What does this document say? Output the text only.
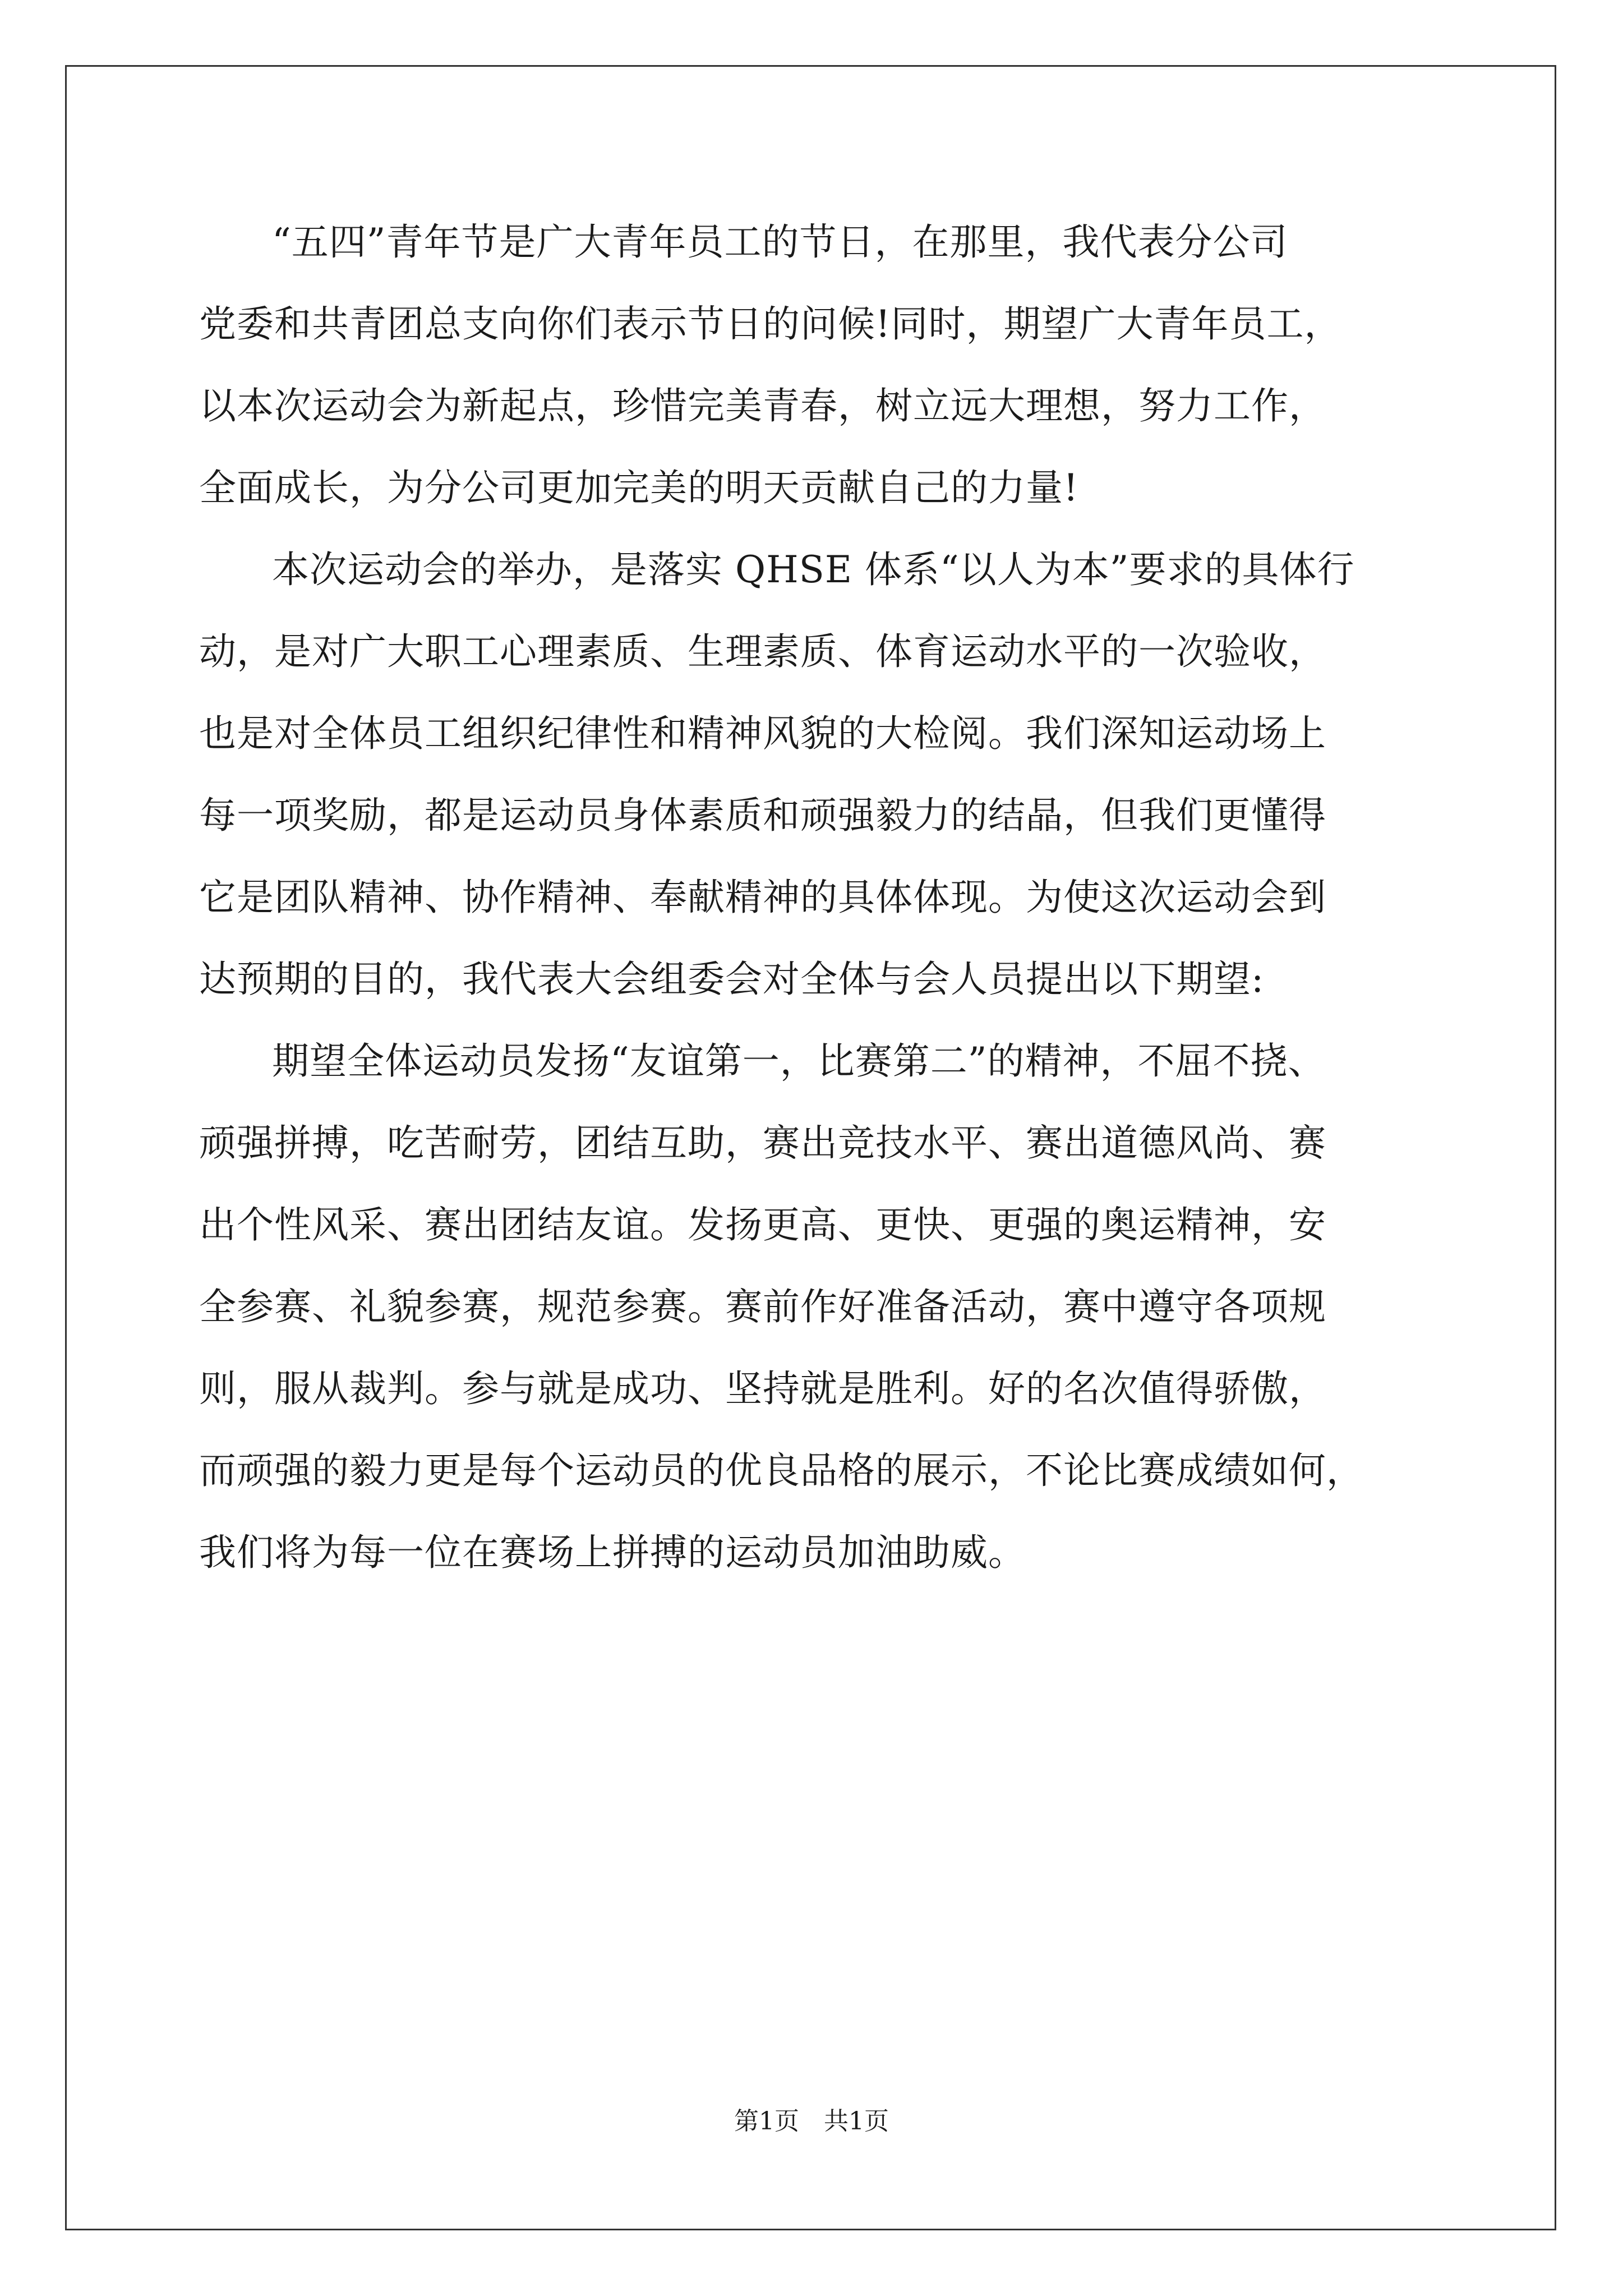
“五四”青年节是广大青年员工的节日，在那里，我代表分公司
党委和共青团总支向你们表示节日的问候!同时，期望广大青年员工，
以本次运动会为新起点，珍惜完美青春，树立远大理想，努力工作，
全面成长，为分公司更加完美的明天贡献自己的力量!
本次运动会的举办，是落实 QHSE 体系“以人为本”要求的具体行
动，是对广大职工心理素质、生理素质、体育运动水平的一次验收，
也是对全体员工组织纪律性和精神风貌的大检阅。我们深知运动场上
每一项奖励，都是运动员身体素质和顽强毅力的结晶，但我们更懂得
它是团队精神、协作精神、奉献精神的具体体现。为使这次运动会到
达预期的目的，我代表大会组委会对全体与会人员提出以下期望:
期望全体运动员发扬“友谊第一，比赛第二”的精神，不屈不挠、
顽强拼搏，吃苦耐劳，团结互助，赛出竞技水平、赛出道德风尚、赛
出个性风采、赛出团结友谊。发扬更高、更快、更强的奥运精神，安
全参赛、礼貌参赛，规范参赛。赛前作好准备活动，赛中遵守各项规
则，服从裁判。参与就是成功、坚持就是胜利。好的名次值得骄傲，
而顽强的毅力更是每个运动员的优良品格的展示，不论比赛成绩如何，
我们将为每一位在赛场上拼搏的运动员加油助威。
第1页　共1页
